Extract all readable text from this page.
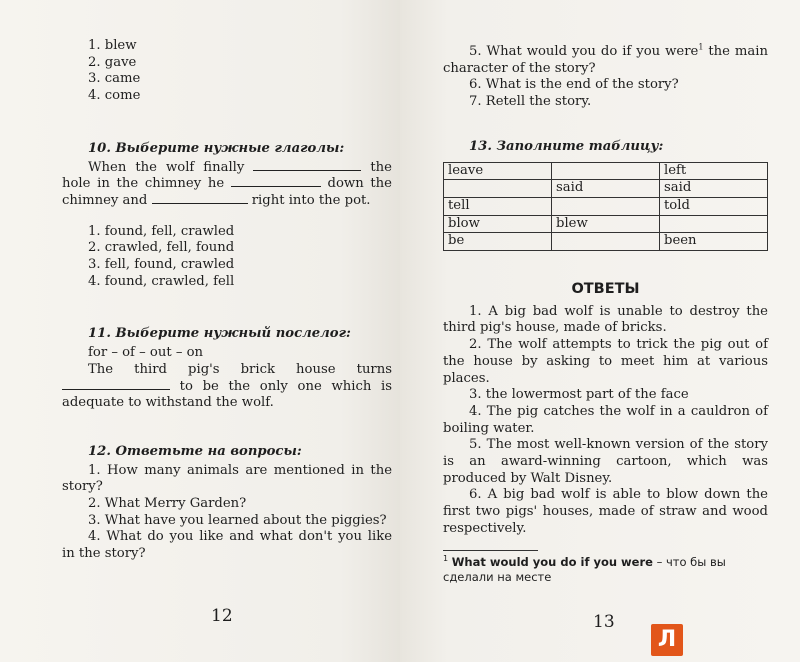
1. blew
2. gave
3. came
4. come
10. Выберите нужные глаголы:

When the wolf finally	the hole in the chimney he	down the chimney and	right into the pot.

1. found, fell, crawled
2. crawled, fell, found
3. fell, found, crawled
4. found, crawled, fell
11. Выберите нужный послелог:

for – of – out – on

The third pig's brick house turns  to be the only one which is adequate to withstand the wolf.

12. Ответьте на вопросы:

1. How many animals are mentioned in the story?

2. What Merry Garden?

3. What have you learned about the piggies?

4. What do you like and what don't you like in the story?

12

5. What would you do if you were$^1$ the main character of the story?

6. What is the end of the story?

7. Retell the story.

13. Заполните таблицу:
leave		left
	said	said
tell		told
blow	blew	
be		been
ОТВЕТЫ

1. A big bad wolf is unable to destroy the third pig's house, made of bricks.

2. The wolf attempts to trick the pig out of the house by asking to meet him at various places.

3. the lowermost part of the face

4. The pig catches the wolf in a cauldron of boiling water.

5. The most well-known version of the story is an award-winning cartoon, which was produced by Walt Disney.

6. A big bad wolf is able to blow down the first two pigs' houses, made of straw and wood respectively.

$^1$ What would you do if you were – что бы вы сделали на месте
13
Л
